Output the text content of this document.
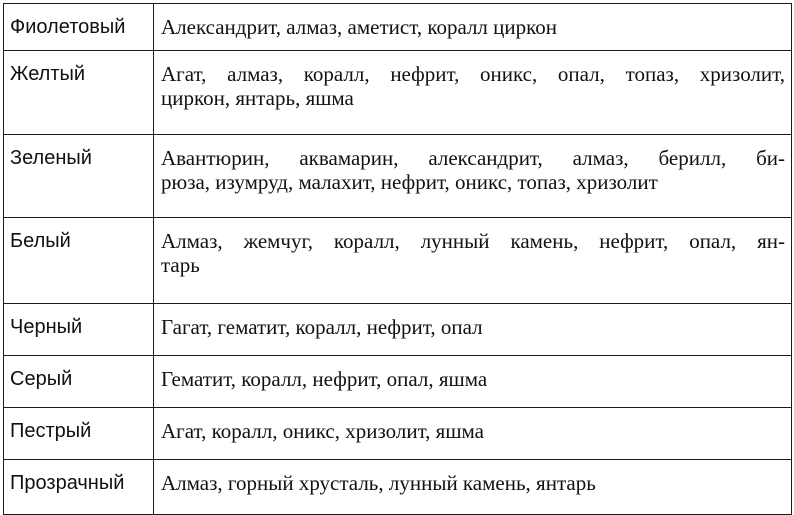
Фиолетовый	Александрит, алмаз, аметист, коралл циркон

Желтый	Агат, алмаз, коралл, нефрит, оникс, опал, топаз, хризолит,
циркон, янтарь, яшма

Зеленый	Авантюрин, аквамарин, александрит, алмаз, берилл, би-
рюза, изумруд, малахит, нефрит, оникс, топаз, хризолит

Белый	Алмаз, жемчуг, коралл, лунный камень, нефрит, опал, ян-
тарь

Черный	Гагат, гематит, коралл, нефрит, опал

Серый	Гематит, коралл, нефрит, опал, яшма

Пестрый	Агат, коралл, оникс, хризолит, яшма

Прозрачный	Алмаз, горный хрусталь, лунный камень, янтарь
